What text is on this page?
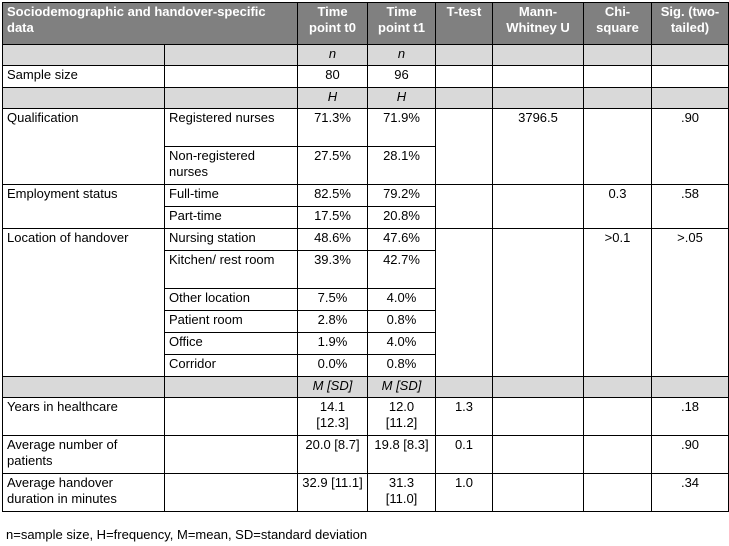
Sociodemographic and handover-specific data		Time point t0	Time point t1	T-test	Mann-Whitney U	Chi-square	Sig. (two-tailed)
		n	n				
Sample size		80	96				
		H	H				
Qualification	Registered nurses	71.3%	71.9%		3796.5		.90
	Non-registered nurses	27.5%	28.1%				
Employment status	Full-time	82.5%	79.2%			0.3	.58
	Part-time	17.5%	20.8%				
Location of handover	Nursing station	48.6%	47.6%			>0.1	>.05
	Kitchen/ rest room	39.3%	42.7%				
	Other location	7.5%	4.0%				
	Patient room	2.8%	0.8%				
	Office	1.9%	4.0%				
	Corridor	0.0%	0.8%				
		M [SD]	M [SD]				
Years in healthcare		14.1 [12.3]	12.0 [11.2]	1.3			.18
Average number of patients		20.0 [8.7]	19.8 [8.3]	0.1			.90
Average handover duration in minutes		32.9 [11.1]	31.3 [11.0]	1.0			.34
n=sample size, H=frequency, M=mean, SD=standard deviation
